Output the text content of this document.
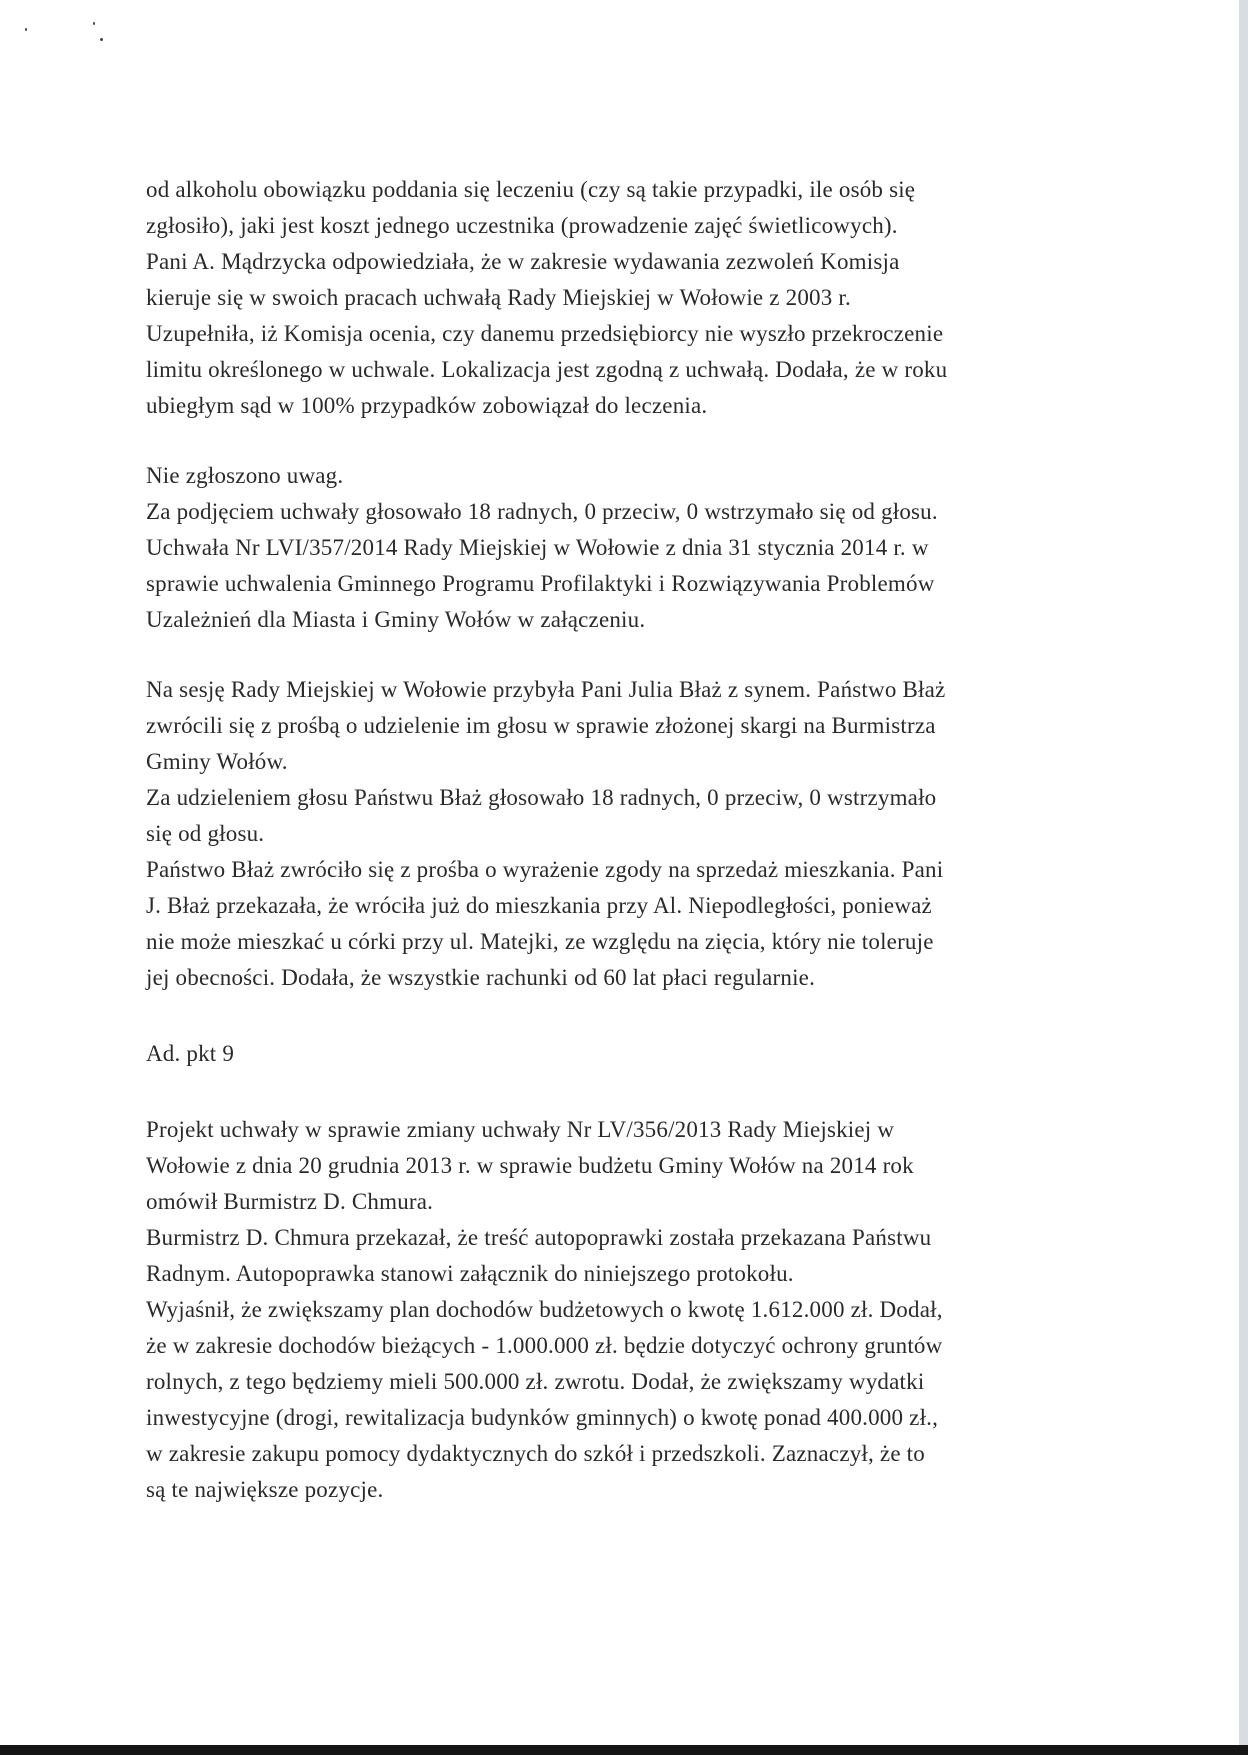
od alkoholu obowiązku poddania się leczeniu (czy są takie przypadki, ile osób się
zgłosiło), jaki jest koszt jednego uczestnika (prowadzenie zajęć świetlicowych).
Pani A. Mądrzycka odpowiedziała, że w zakresie wydawania zezwoleń Komisja
kieruje się w swoich pracach uchwałą Rady Miejskiej w Wołowie z 2003 r.
Uzupełniła, iż Komisja ocenia, czy danemu przedsiębiorcy nie wyszło przekroczenie
limitu określonego w uchwale. Lokalizacja jest zgodną z uchwałą. Dodała, że w roku
ubiegłym sąd w 100% przypadków zobowiązał do leczenia.

Nie zgłoszono uwag.
Za podjęciem uchwały głosowało 18 radnych, 0 przeciw, 0 wstrzymało się od głosu.
Uchwała Nr LVI/357/2014 Rady Miejskiej w Wołowie z dnia 31 stycznia 2014 r. w
sprawie uchwalenia Gminnego Programu Profilaktyki i Rozwiązywania Problemów
Uzależnień dla Miasta i Gminy Wołów w załączeniu.

Na sesję Rady Miejskiej w Wołowie przybyła Pani Julia Błaż z synem. Państwo Błaż
zwrócili się z prośbą o udzielenie im głosu w sprawie złożonej skargi na Burmistrza
Gminy Wołów.
Za udzieleniem głosu Państwu Błaż głosowało 18 radnych, 0 przeciw, 0 wstrzymało
się od głosu.
Państwo Błaż zwróciło się z prośba o wyrażenie zgody na sprzedaż mieszkania. Pani
J. Błaż przekazała, że wróciła już do mieszkania przy Al. Niepodległości, ponieważ
nie może mieszkać u córki przy ul. Matejki, ze względu na zięcia, który nie toleruje
jej obecności. Dodała, że wszystkie rachunki od 60 lat płaci regularnie.

Ad. pkt 9

Projekt uchwały w sprawie zmiany uchwały Nr LV/356/2013 Rady Miejskiej w
Wołowie z dnia 20 grudnia 2013 r. w sprawie budżetu Gminy Wołów na 2014 rok
omówił Burmistrz D. Chmura.
Burmistrz D. Chmura przekazał, że treść autopoprawki została przekazana Państwu
Radnym. Autopoprawka stanowi załącznik do niniejszego protokołu.
Wyjaśnił, że zwiększamy plan dochodów budżetowych o kwotę 1.612.000 zł. Dodał,
że w zakresie dochodów bieżących - 1.000.000 zł. będzie dotyczyć ochrony gruntów
rolnych, z tego będziemy mieli 500.000 zł. zwrotu. Dodał, że zwiększamy wydatki
inwestycyjne (drogi, rewitalizacja budynków gminnych) o kwotę ponad 400.000 zł.,
w zakresie zakupu pomocy dydaktycznych do szkół i przedszkoli. Zaznaczył, że to
są te największe pozycje.
